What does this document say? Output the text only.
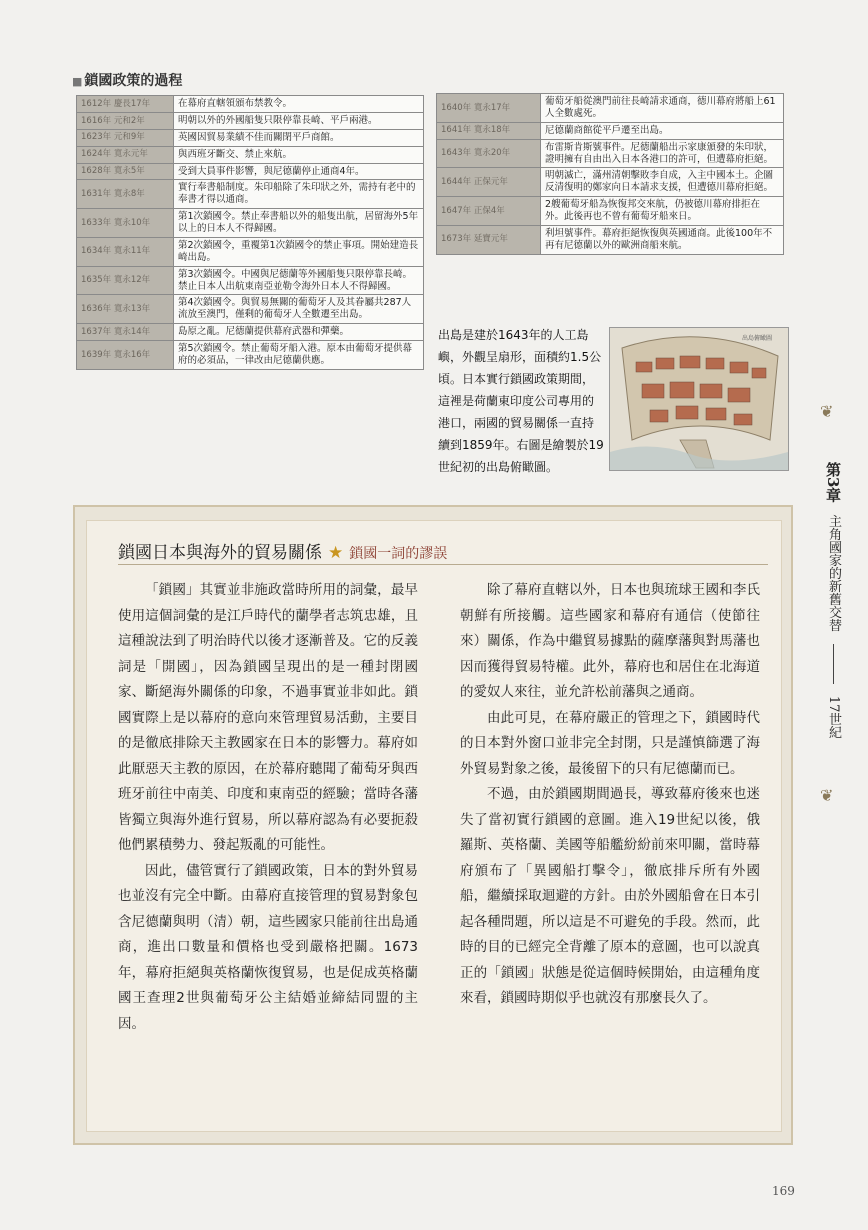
■ 鎖國政策的過程
1612年 慶長17年	在幕府直轄領頒布禁教令。
1616年 元和2年	明朝以外的外國船隻只限停靠長崎、平戶兩港。
1623年 元和9年	英國因貿易業績不佳而關閉平戶商館。
1624年 寬永元年	與西班牙斷交、禁止來航。
1628年 寬永5年	受到大員事件影響，與尼德蘭停止通商4年。
1631年 寬永8年	實行奉書船制度。朱印船除了朱印狀之外，需持有老中的奉書才得以通商。
1633年 寬永10年	第1次鎖國令。禁止奉書船以外的船隻出航，居留海外5年以上的日本人不得歸國。
1634年 寬永11年	第2次鎖國令，重覆第1次鎖國令的禁止事項。開始建造長崎出島。
1635年 寬永12年	第3次鎖國令。中國與尼德蘭等外國船隻只限停靠長崎。禁止日本人出航東南亞並勒令海外日本人不得歸國。
1636年 寬永13年	第4次鎖國令。與貿易無關的葡萄牙人及其眷屬共287人流放至澳門，僅剩的葡萄牙人全數遷至出島。
1637年 寬永14年	島原之亂。尼德蘭提供幕府武器和彈藥。
1639年 寬永16年	第5次鎖國令。禁止葡萄牙船入港。原本由葡萄牙提供幕府的必須品，一律改由尼德蘭供應。
1640年 寬永17年	葡萄牙船從澳門前往長崎請求通商，德川幕府將船上61人全數處死。
1641年 寬永18年	尼德蘭商館從平戶遷至出島。
1643年 寬永20年	布雷斯肯斯號事件。尼德蘭船出示家康頒發的朱印狀，證明擁有自由出入日本各港口的許可，但遭幕府拒絕。
1644年 正保元年	明朝滅亡，滿州清朝擊敗李自成，入主中國本土。企圖反清復明的鄭家向日本請求支援，但遭德川幕府拒絕。
1647年 正保4年	2艘葡萄牙船為恢復邦交來航，仍被德川幕府排拒在外。此後再也不曾有葡萄牙船來日。
1673年 延寶元年	利坦號事件。幕府拒絕恢復與英國通商。此後100年不再有尼德蘭以外的歐洲商船來航。
出島是建於1643年的人工島嶼，外觀呈扇形，面積約1.5公頃。日本實行鎖國政策期間，這裡是荷蘭東印度公司專用的港口，兩國的貿易關係一直持續到1859年。右圖是繪製於19世紀初的出島俯瞰圖。
出島俯瞰圖
❦
第3章 主角國家的新舊交替  17世紀
❦
鎖國日本與海外的貿易關係 ★ 鎖國一詞的謬誤

「鎖國」其實並非施政當時所用的詞彙，最早使用這個詞彙的是江戶時代的蘭學者志筑忠雄，且這種說法到了明治時代以後才逐漸普及。它的反義詞是「開國」，因為鎖國呈現出的是一種封閉國家、斷絕海外關係的印象，不過事實並非如此。鎖國實際上是以幕府的意向來管理貿易活動，主要目的是徹底排除天主教國家在日本的影響力。幕府如此厭惡天主教的原因，在於幕府聽聞了葡萄牙與西班牙前往中南美、印度和東南亞的經驗；當時各藩皆獨立與海外進行貿易，所以幕府認為有必要扼殺他們累積勢力、發起叛亂的可能性。

因此，儘管實行了鎖國政策，日本的對外貿易也並沒有完全中斷。由幕府直接管理的貿易對象包含尼德蘭與明（清）朝，這些國家只能前往出島通商，進出口數量和價格也受到嚴格把關。1673年，幕府拒絕與英格蘭恢復貿易，也是促成英格蘭國王查理2世與葡萄牙公主結婚並締結同盟的主因。

除了幕府直轄以外，日本也與琉球王國和李氏朝鮮有所接觸。這些國家和幕府有通信（使節往來）關係，作為中繼貿易據點的薩摩藩與對馬藩也因而獲得貿易特權。此外，幕府也和居住在北海道的愛奴人來往，並允許松前藩與之通商。

由此可見，在幕府嚴正的管理之下，鎖國時代的日本對外窗口並非完全封閉，只是謹慎篩選了海外貿易對象之後，最後留下的只有尼德蘭而已。

不過，由於鎖國期間過長，導致幕府後來也迷失了當初實行鎖國的意圖。進入19世紀以後，俄羅斯、英格蘭、美國等船艦紛紛前來叩關，當時幕府頒布了「異國船打擊令」，徹底排斥所有外國船，繼續採取迴避的方針。由於外國船會在日本引起各種問題，所以這是不可避免的手段。然而，此時的目的已經完全背離了原本的意圖，也可以說真正的「鎖國」狀態是從這個時候開始，由這種角度來看，鎖國時期似乎也就沒有那麼長久了。

169
